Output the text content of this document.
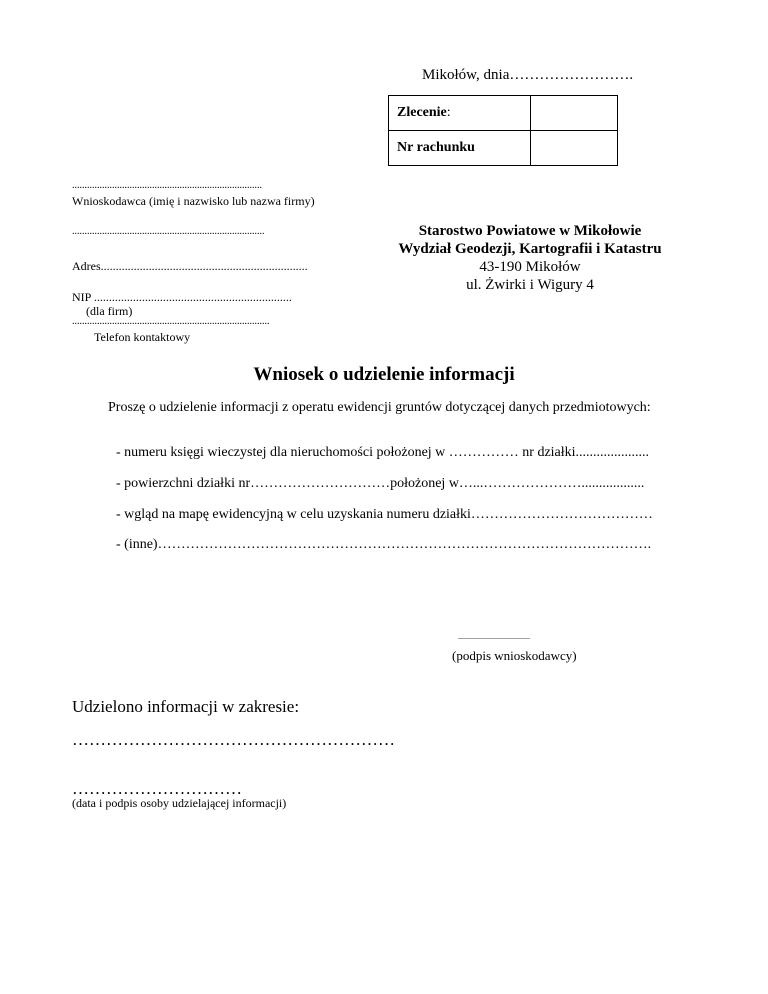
Mikołów, dnia…………………….
Zlecenie:	
Nr rachunku	
............................................................................
Wnioskodawca (imię i nazwisko lub nazwa firmy)
.............................................................................
Adres.....................................................................
NIP ..................................................................
(dla firm)
...............................................................................
Telefon kontaktowy
Starostwo Powiatowe w Mikołowie
Wydział Geodezji, Kartografii i Katastru
43-190 Mikołów
ul. Żwirki i Wigury 4
Wniosek o udzielenie informacji
Proszę o udzielenie informacji z operatu ewidencji gruntów dotyczącej danych przedmiotowych:
- numeru księgi wieczystej dla nieruchomości położonej w …………… nr działki.....................
- powierzchni działki nr…………………………położonej w…...…………………..................
- wgląd na mapę ewidencyjną w celu uzyskania numeru działki…………………………………
- (inne)…………………………………………………………………………………………….
....................................
(podpis wnioskodawcy)
Udzielono informacji w zakresie:
…………………………………………………
…………………………
(data i podpis osoby udzielającej informacji)
